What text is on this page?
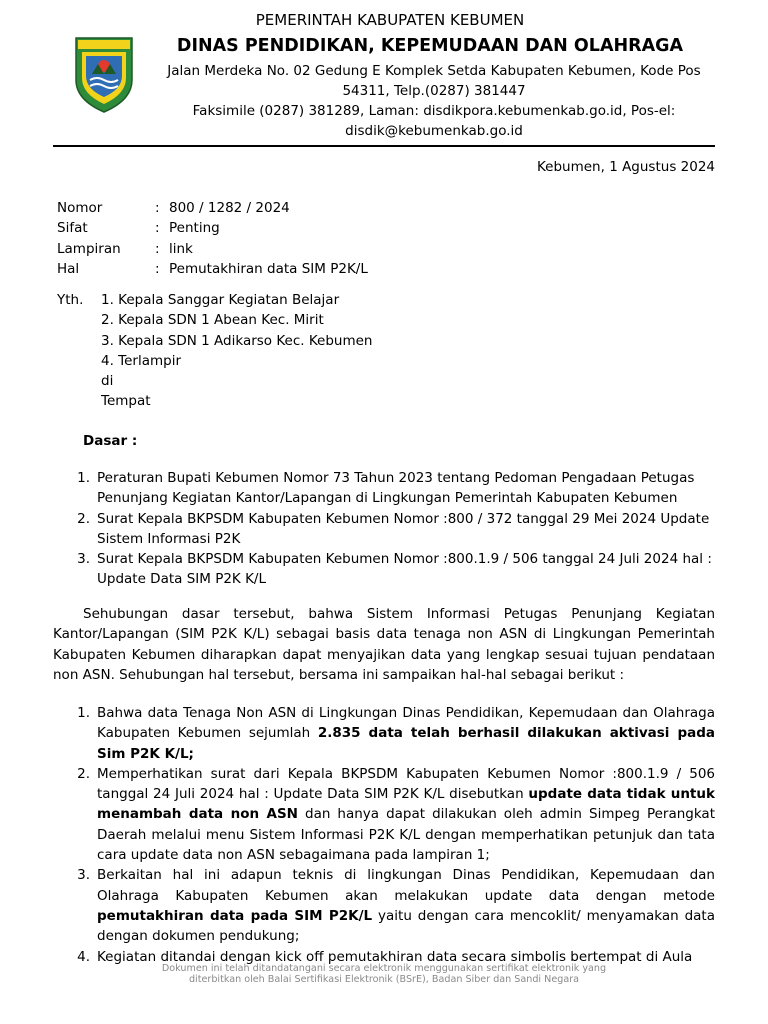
PEMERINTAH KABUPATEN KEBUMEN
DINAS PENDIDIKAN, KEPEMUDAAN DAN OLAHRAGA
Jalan Merdeka No. 02 Gedung E Komplek Setda Kabupaten Kebumen, Kode Pos
54311, Telp.(0287) 381447
Faksimile (0287) 381289, Laman: disdikpora.kebumenkab.go.id, Pos-el:
disdik@kebumenkab.go.id
Kebumen, 1 Agustus 2024
Nomor	: 800 / 1282 / 2024
Sifat	: Penting
Lampiran	: link
Hal	: Pemutakhiran data SIM P2K/L
Yth.	1. Kepala Sanggar Kegiatan Belajar
2. Kepala SDN 1 Abean Kec. Mirit
3. Kepala SDN 1 Adikarso Kec. Kebumen
4. Terlampir
di
Tempat
Dasar :
1. Peraturan Bupati Kebumen Nomor 73 Tahun 2023 tentang Pedoman Pengadaan Petugas Penunjang Kegiatan Kantor/Lapangan di Lingkungan Pemerintah Kabupaten Kebumen
2. Surat Kepala BKPSDM Kabupaten Kebumen Nomor :800 / 372 tanggal 29 Mei 2024 Update Sistem Informasi P2K
3. Surat Kepala BKPSDM Kabupaten Kebumen Nomor :800.1.9 / 506 tanggal 24 Juli 2024 hal : Update Data SIM P2K K/L
Sehubungan dasar tersebut, bahwa Sistem Informasi Petugas Penunjang Kegiatan Kantor/Lapangan (SIM P2K K/L) sebagai basis data tenaga non ASN di Lingkungan Pemerintah Kabupaten Kebumen diharapkan dapat menyajikan data yang lengkap sesuai tujuan pendataan non ASN. Sehubungan hal tersebut, bersama ini sampaikan hal-hal sebagai berikut :
1. Bahwa data Tenaga Non ASN di Lingkungan Dinas Pendidikan, Kepemudaan dan Olahraga Kabupaten Kebumen sejumlah 2.835 data telah berhasil dilakukan aktivasi pada Sim P2K K/L;
2. Memperhatikan surat dari Kepala BKPSDM Kabupaten Kebumen Nomor :800.1.9 / 506 tanggal 24 Juli 2024 hal : Update Data SIM P2K K/L disebutkan update data tidak untuk menambah data non ASN dan hanya dapat dilakukan oleh admin Simpeg Perangkat Daerah melalui menu Sistem Informasi P2K K/L dengan memperhatikan petunjuk dan tata cara update data non ASN sebagaimana pada lampiran 1;
3. Berkaitan hal ini adapun teknis di lingkungan Dinas Pendidikan, Kepemudaan dan Olahraga Kabupaten Kebumen akan melakukan update data dengan metode pemutakhiran data pada SIM P2K/L yaitu dengan cara mencoklit/ menyamakan data dengan dokumen pendukung;
4. Kegiatan ditandai dengan kick off pemutakhiran data secara simbolis bertempat di Aula
Dokumen ini telah ditandatangani secara elektronik menggunakan sertifikat elektronik yang
diterbitkan oleh Balai Sertifikasi Elektronik (BSrE), Badan Siber dan Sandi Negara
